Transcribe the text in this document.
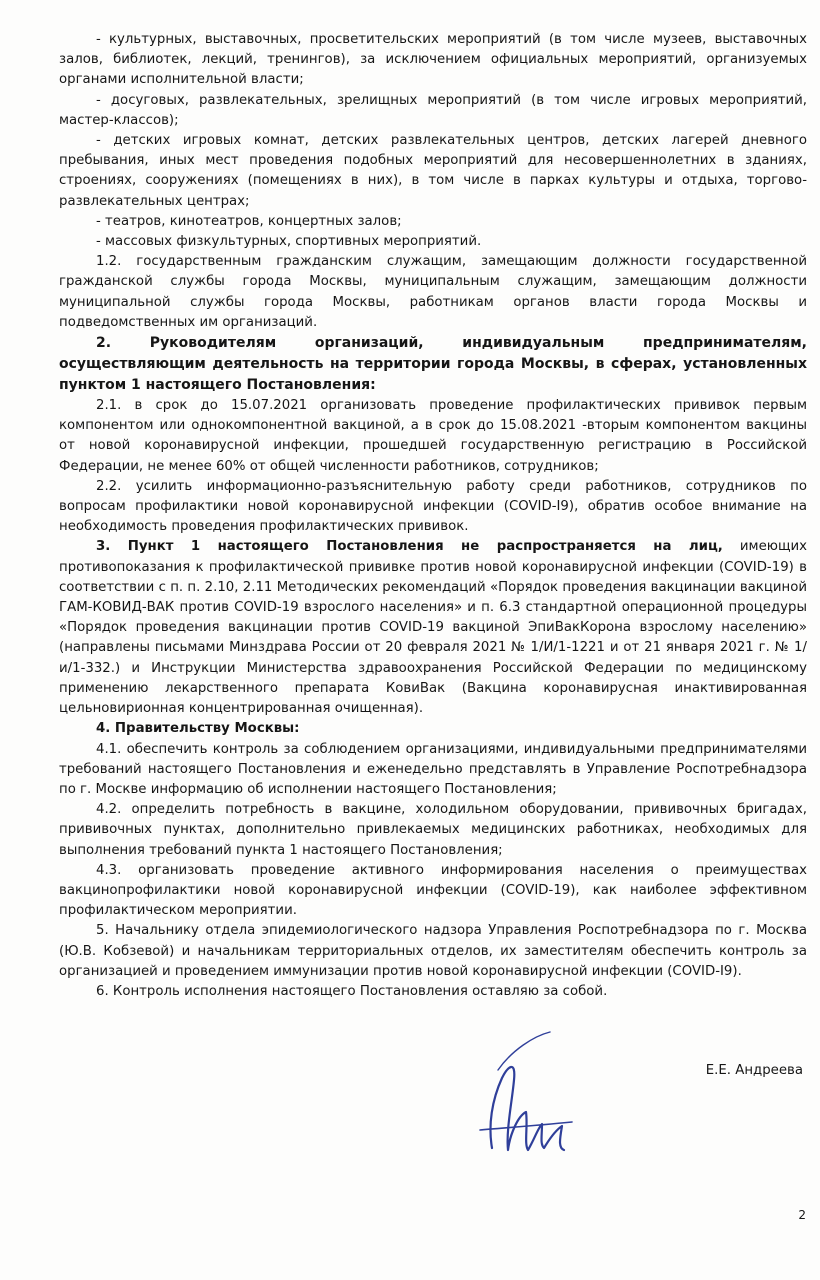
- культурных, выставочных, просветительских мероприятий (в том числе музеев, выставочных залов, библиотек, лекций, тренингов), за исключением официальных мероприятий, организуемых органами исполнительной власти;

- досуговых, развлекательных, зрелищных мероприятий (в том числе игровых мероприятий, мастер-классов);

- детских игровых комнат, детских развлекательных центров, детских лагерей дневного пребывания, иных мест проведения подобных мероприятий для несовершеннолетних в зданиях, строениях, сооружениях (помещениях в них), в том числе в парках культуры и отдыха, торгово-развлекательных центрах;

- театров, кинотеатров, концертных залов;

- массовых физкультурных, спортивных мероприятий.

1.2. государственным гражданским служащим, замещающим должности государственной гражданской службы города Москвы, муниципальным служащим, замещающим должности муниципальной службы города Москвы, работникам органов власти города Москвы и подведомственных им организаций.

2. Руководителям организаций, индивидуальным предпринимателям, осуществляющим деятельность на территории города Москвы, в сферах, установленных пунктом 1 настоящего Постановления:

2.1. в срок до 15.07.2021 организовать проведение профилактических прививок первым компонентом или однокомпонентной вакциной, а в срок до 15.08.2021 -вторым компонентом вакцины от новой коронавирусной инфекции, прошедшей государственную регистрацию в Российской Федерации, не менее 60% от общей численности работников, сотрудников;

2.2. усилить информационно-разъяснительную работу среди работников, сотрудников по вопросам профилактики новой коронавирусной инфекции (COVID-I9), обратив особое внимание на необходимость проведения профилактических прививок.

3. Пункт 1 настоящего Постановления не распространяется на лиц, имеющих противопоказания к профилактической прививке против новой коронавирусной инфекции (COVID-19) в соответствии с п. п. 2.10, 2.11 Методических рекомендаций «Порядок проведения вакцинации вакциной ГАМ-КОВИД-ВАК против COVID-19 взрослого населения» и п. 6.3 стандартной операционной процедуры «Порядок проведения вакцинации против COVID-19 вакциной ЭпиВакКорона взрослому населению» (направлены письмами Минздрава России от 20 февраля 2021 № 1/И/1-1221 и от 21 января 2021 г. № 1/и/1-332.) и Инструкции Министерства здравоохранения Российской Федерации по медицинскому применению лекарственного препарата КовиВак (Вакцина коронавирусная инактивированная цельновирионная концентрированная очищенная).

4. Правительству Москвы:

4.1. обеспечить контроль за соблюдением организациями, индивидуальными предпринимателями требований настоящего Постановления и еженедельно представлять в Управление Роспотребнадзора по г. Москве информацию об исполнении настоящего Постановления;

4.2. определить потребность в вакцине, холодильном оборудовании, прививочных бригадах, прививочных пунктах, дополнительно привлекаемых медицинских работниках, необходимых для выполнения требований пункта 1 настоящего Постановления;

4.3. организовать проведение активного информирования населения о преимуществах вакцинопрофилактики новой коронавирусной инфекции (COVID-19), как наиболее эффективном профилактическом мероприятии.

5. Начальнику отдела эпидемиологического надзора Управления Роспотребнадзора по г. Москва (Ю.В. Кобзевой) и начальникам территориальных отделов, их заместителям обеспечить контроль за организацией и проведением иммунизации против новой коронавирусной инфекции (COVID-I9).

6. Контроль исполнения настоящего Постановления оставляю за собой.

Е.Е. Андреева
2
